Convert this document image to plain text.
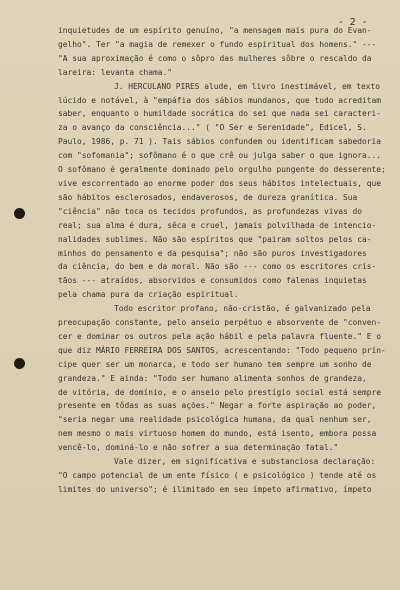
- 2 -
inquietudes de um espírito genuíno, "a mensagem mais pura do Evan-
gelho". Ter "a magia de remexer o fundo espiritual dos homens." ---
"A sua aproximação é como o sôpro das mulheres sôbre o rescaldo da
lareira: levanta chama."
J. HERCULANO PIRES alude, em livro inestimável, em texto
lúcido e notável, à "empáfia dos sábios mundanos, que tudo acreditam
saber, enquanto o humildade socrática do sei que nada sei caracteri-
za o avanço da consciência..." ( "O Ser e Serenidade", Edicel, S.
Paulo, 1986, p. 71 ). Tais sábios confundem ou identificam sabedoria
com "sofomania"; sofômano é o que crê ou julga saber o que ignora...
O sofômano é geralmente dominado pelo orgulho pungente do desserente;
vive escorrentado ao enorme poder dos seus hábitos intelectuais, que
são hábitos esclerosados, endaverosos, de dureza granítica. Sua
"ciência" não toca os tecidos profundos, as profundezas vivas do
real; sua alma é dura, sêca e cruel, jamais polvilhada de intencio-
nalidades sublimes. Não são espíritos que "pairam soltos pelos ca-
minhos do pensamento e da pesquisa"; não são puros investigadores
da ciência, do bem e da moral. Não são --- como os escritores cris-
tãos --- atraídos, absorvidos e consumidos como falenas inquietas
pela chama pura da criação espiritual.
Todo escritor profano, não-cristão, é galvanizado pela
preocupação constante, pelo anseio perpétuo e absorvente de "conven-
cer e dominar os outros pela ação hábil e pela palavra fluente." E o
que diz MÁRIO FERREIRA DOS SANTOS, acrescentando: "Todo pequeno prín-
cipe quer ser um monarca, e todo ser humano tem sempre um sonho de
grandeza." E ainda: "Todo ser humano alimenta sonhos de grandeza,
de vitória, de domínio, e o anseio pelo prestígio social está sempre
presente em tôdas as suas ações." Negar a forte aspiração ao poder,
"seria negar uma realidade psicológica humana, da qual nenhum ser,
nem mesmo o mais virtuoso homem do mundo, está isento, embora possa
vencê-lo, dominá-lo e não sofrer a sua determinação fatal."
Vale dizer, em significativa e substanciosa declaração:
"O campo potencial de um ente físico ( e psicológico ) tende até os
limites do universo"; é ilimitado em seu ímpeto afirmativo, ímpeto
